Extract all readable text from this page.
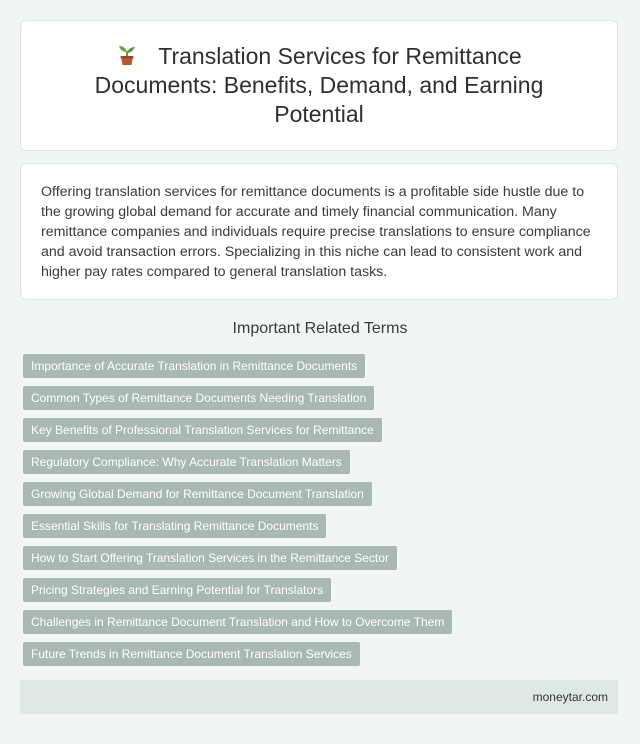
Translation Services for Remittance Documents: Benefits, Demand, and Earning Potential

Offering translation services for remittance documents is a profitable side hustle due to the growing global demand for accurate and timely financial communication. Many remittance companies and individuals require precise translations to ensure compliance and avoid transaction errors. Specializing in this niche can lead to consistent work and higher pay rates compared to general translation tasks.

Important Related Terms
Importance of Accurate Translation in Remittance Documents
Common Types of Remittance Documents Needing Translation
Key Benefits of Professional Translation Services for Remittance
Regulatory Compliance: Why Accurate Translation Matters
Growing Global Demand for Remittance Document Translation
Essential Skills for Translating Remittance Documents
How to Start Offering Translation Services in the Remittance Sector
Pricing Strategies and Earning Potential for Translators
Challenges in Remittance Document Translation and How to Overcome Them
Future Trends in Remittance Document Translation Services
moneytar.com
